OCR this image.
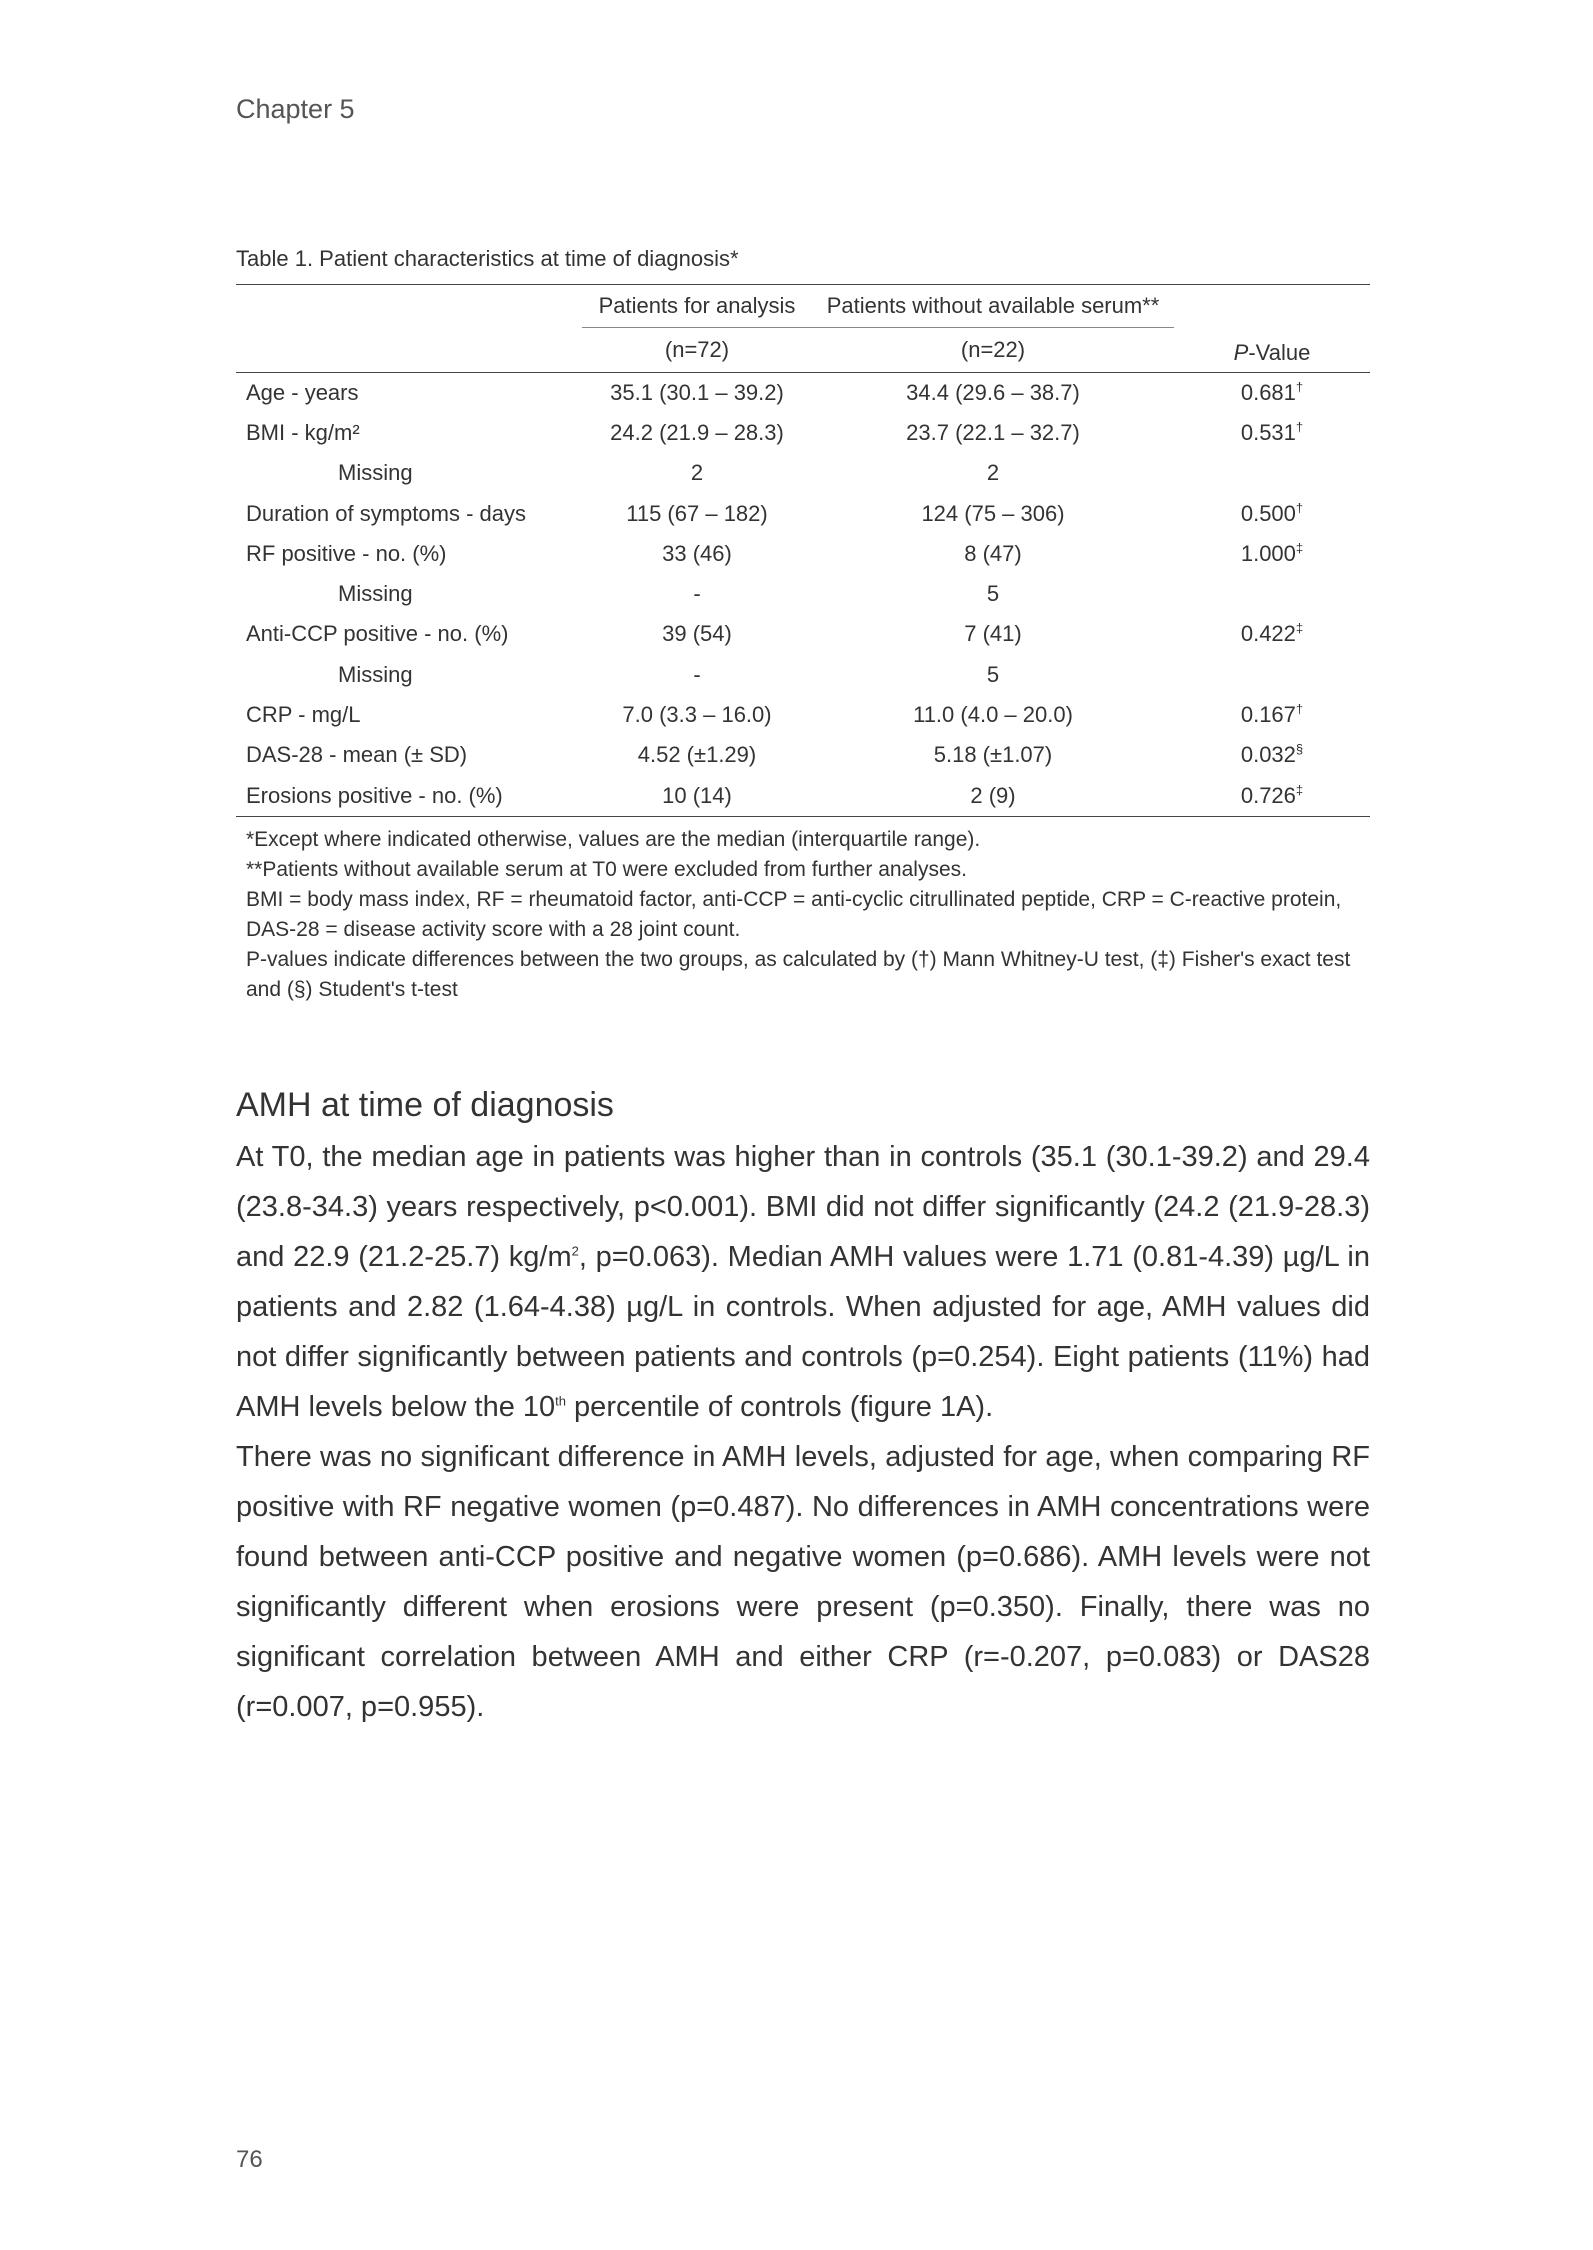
Chapter 5
Table 1. Patient characteristics at time of diagnosis*
	Patients for analysis	Patients without available serum**	
	(n=72)	(n=22)	P-Value
Age - years	35.1 (30.1 – 39.2)	34.4 (29.6 – 38.7)	0.681†
BMI - kg/m²	24.2 (21.9 – 28.3)	23.7 (22.1 – 32.7)	0.531†
Missing	2	2	
Duration of symptoms - days	115 (67 – 182)	124 (75 – 306)	0.500†
RF positive - no. (%)	33 (46)	8 (47)	1.000‡
Missing	-	5	
Anti-CCP positive - no. (%)	39 (54)	7 (41)	0.422‡
Missing	-	5	
CRP - mg/L	7.0 (3.3 – 16.0)	11.0 (4.0 – 20.0)	0.167†
DAS-28 - mean (± SD)	4.52 (±1.29)	5.18 (±1.07)	0.032§
Erosions positive - no. (%)	10 (14)	2 (9)	0.726‡

*Except where indicated otherwise, values are the median (interquartile range).

**Patients without available serum at T0 were excluded from further analyses.

BMI = body mass index, RF = rheumatoid factor, anti-CCP = anti-cyclic citrullinated peptide, CRP = C-reactive protein, DAS-28 = disease activity score with a 28 joint count.

P-values indicate differences between the two groups, as calculated by (†) Mann Whitney-U test, (‡) Fisher's exact test and (§) Student's t-test

AMH at time of diagnosis

At T0, the median age in patients was higher than in controls (35.1 (30.1-39.2) and 29.4 (23.8-34.3) years respectively, p<0.001). BMI did not differ significantly (24.2 (21.9-28.3) and 22.9 (21.2-25.7) $kg/m^2$, p=0.063). Median AMH values were 1.71 (0.81-4.39) µg/L in patients and 2.82 (1.64-4.38) µg/L in controls. When adjusted for age, AMH values did not differ significantly between patients and controls (p=0.254). Eight patients (11%) had AMH levels below the 10th percentile of controls (figure 1A).

There was no significant difference in AMH levels, adjusted for age, when comparing RF positive with RF negative women (p=0.487). No differences in AMH concentrations were found between anti-CCP positive and negative women (p=0.686). AMH levels were not significantly different when erosions were present (p=0.350). Finally, there was no significant correlation between AMH and either CRP (r=-0.207, p=0.083) or DAS28 (r=0.007, p=0.955).

76
